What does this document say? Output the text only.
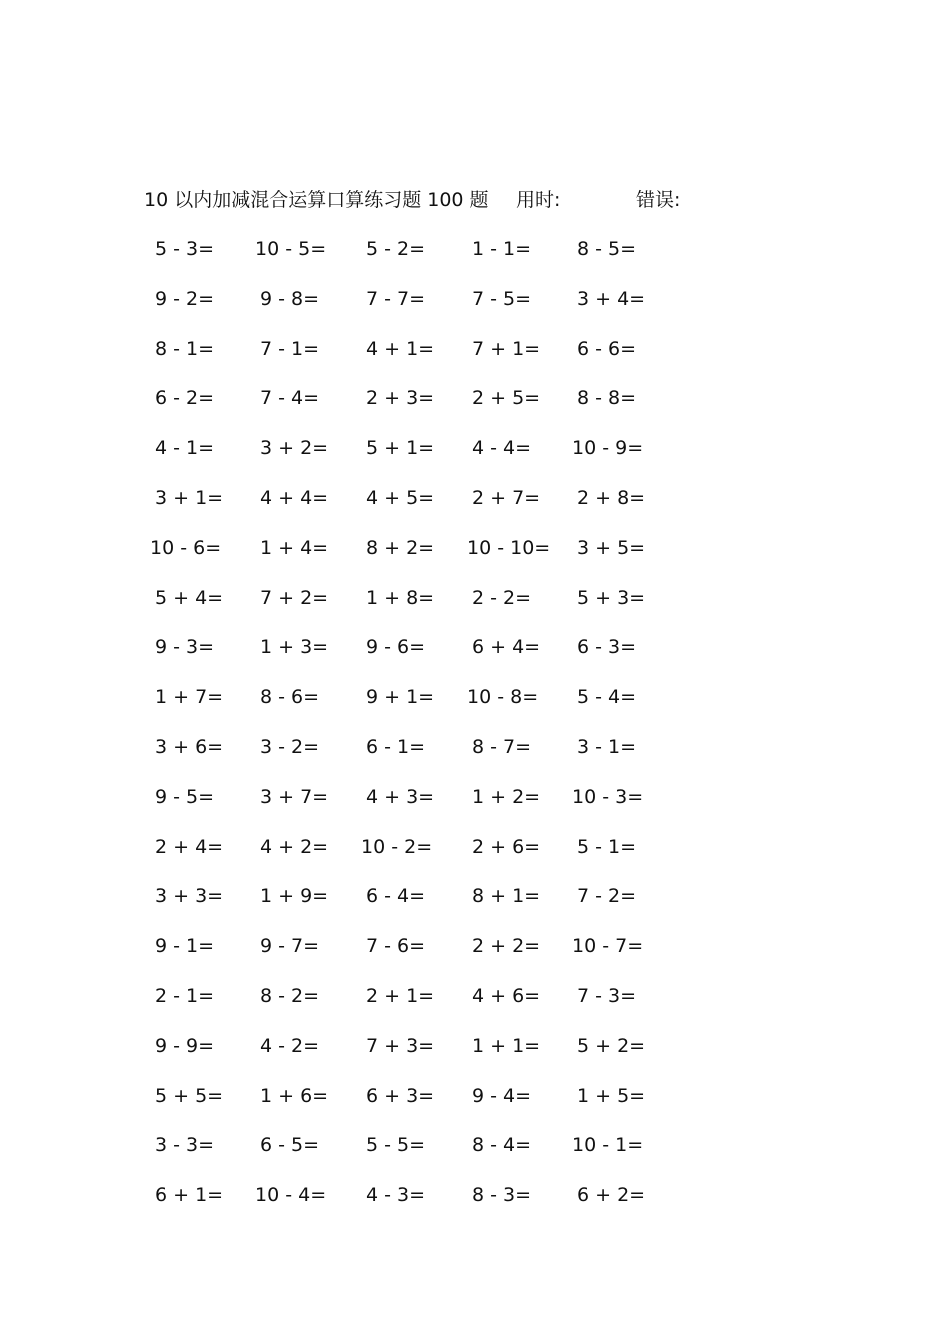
10 以内加减混合运算口算练习题 100 题 用时:	错误:
5 - 3= 10 - 5= 5 - 2= 1 - 1= 8 - 5=
9 - 2= 9 - 8= 7 - 7= 7 - 5= 3 + 4=
8 - 1= 7 - 1= 4 + 1= 7 + 1= 6 - 6=
6 - 2= 7 - 4= 2 + 3= 2 + 5= 8 - 8=
4 - 1= 3 + 2= 5 + 1= 4 - 4= 10 - 9=
3 + 1= 4 + 4= 4 + 5= 2 + 7= 2 + 8=
10 - 6= 1 + 4= 8 + 2= 10 - 10= 3 + 5=
5 + 4= 7 + 2= 1 + 8= 2 - 2= 5 + 3=
9 - 3= 1 + 3= 9 - 6= 6 + 4= 6 - 3=
1 + 7= 8 - 6= 9 + 1= 10 - 8= 5 - 4=
3 + 6= 3 - 2= 6 - 1= 8 - 7= 3 - 1=
9 - 5= 3 + 7= 4 + 3= 1 + 2= 10 - 3=
2 + 4= 4 + 2= 10 - 2= 2 + 6= 5 - 1=
3 + 3= 1 + 9= 6 - 4= 8 + 1= 7 - 2=
9 - 1= 9 - 7= 7 - 6= 2 + 2= 10 - 7=
2 - 1= 8 - 2= 2 + 1= 4 + 6= 7 - 3=
9 - 9= 4 - 2= 7 + 3= 1 + 1= 5 + 2=
5 + 5= 1 + 6= 6 + 3= 9 - 4= 1 + 5=
3 - 3= 6 - 5= 5 - 5= 8 - 4= 10 - 1=
6 + 1= 10 - 4= 4 - 3= 8 - 3= 6 + 2=
